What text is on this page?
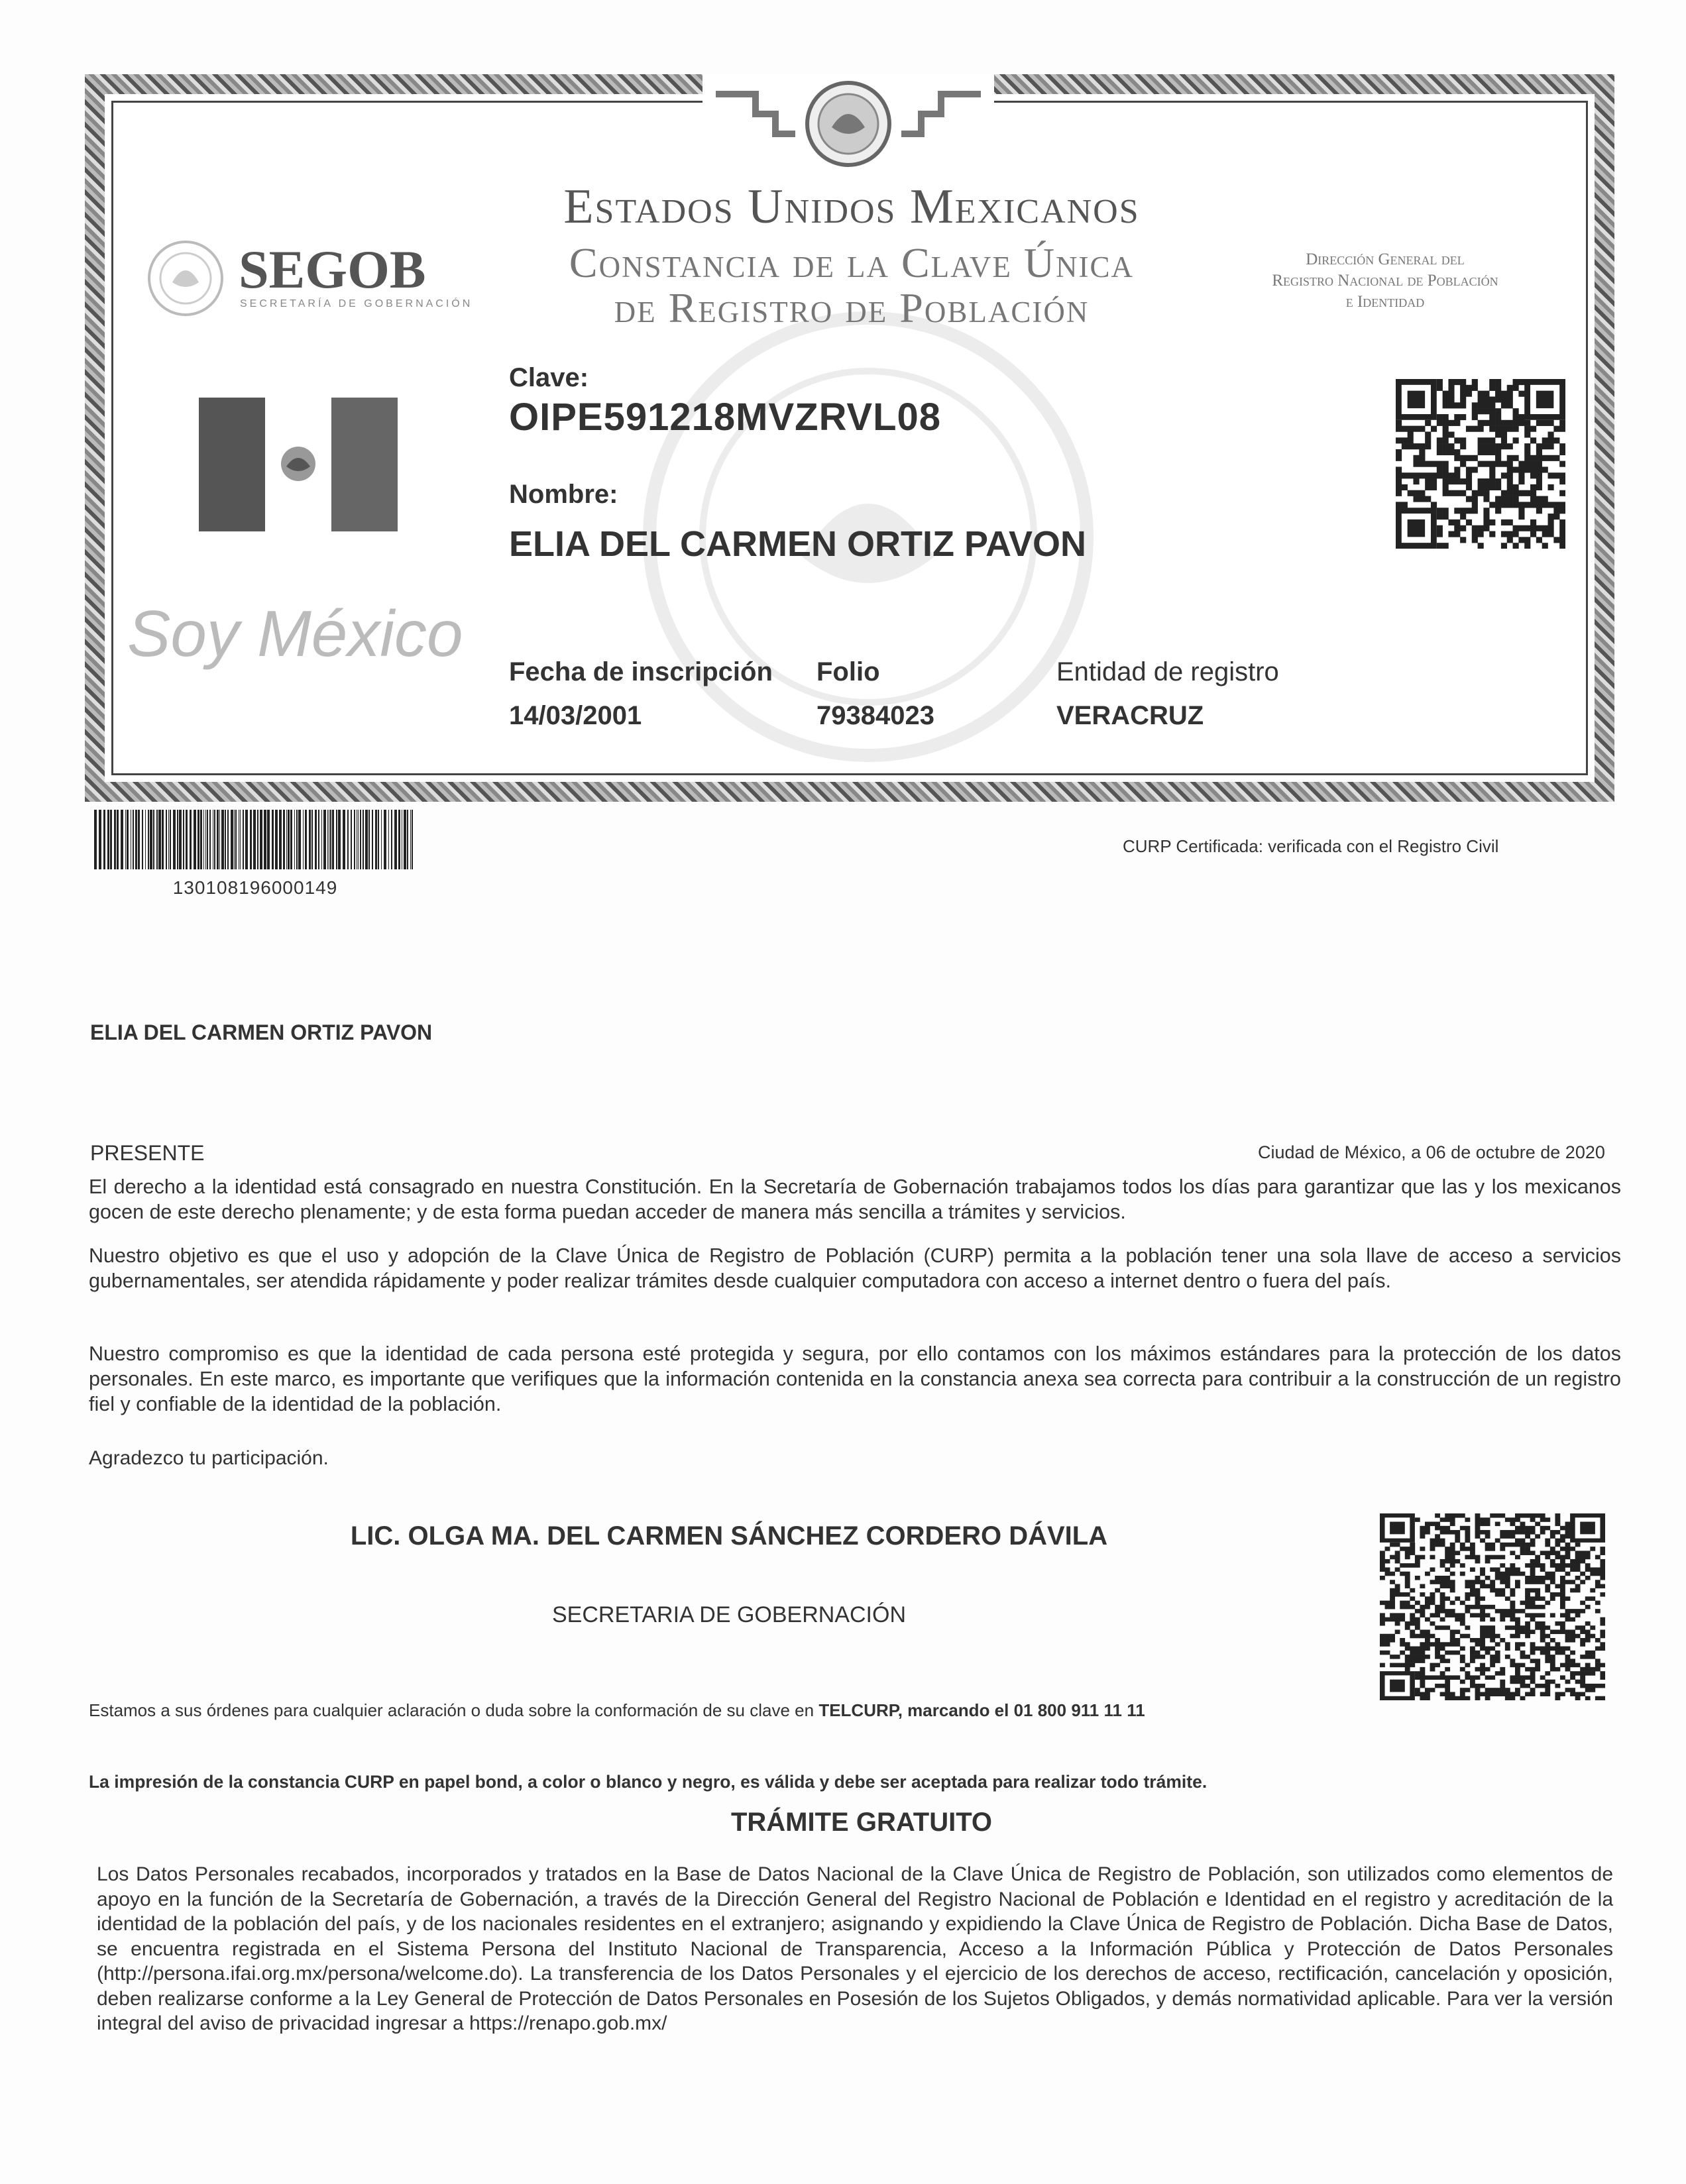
Estados Unidos Mexicanos
Constancia de la Clave Única
de Registro de Población
SEGOB
SECRETARÍA DE GOBERNACIÓN
Dirección General del
Registro Nacional de Población
e Identidad
Soy México
Clave:
OIPE591218MVZRVL08
Nombre:
ELIA DEL CARMEN ORTIZ PAVON
Fecha de inscripción
14/03/2001
Folio
79384023
Entidad de registro
VERACRUZ
130108196000149
CURP Certificada: verificada con el Registro Civil
ELIA DEL CARMEN ORTIZ PAVON
PRESENTE	Ciudad de México, a 06 de octubre de 2020
El derecho a la identidad está consagrado en nuestra Constitución. En la Secretaría de Gobernación trabajamos todos los días para garantizar que las y los mexicanos gocen de este derecho plenamente; y de esta forma puedan acceder de manera más sencilla a trámites y servicios.
Nuestro objetivo es que el uso y adopción de la Clave Única de Registro de Población (CURP) permita a la población tener una sola llave de acceso a servicios gubernamentales, ser atendida rápidamente y poder realizar trámites desde cualquier computadora con acceso a internet dentro o fuera del país.
Nuestro compromiso es que la identidad de cada persona esté protegida y segura, por ello contamos con los máximos estándares para la protección de los datos personales. En este marco, es importante que verifiques que la información contenida en la constancia anexa sea correcta para contribuir a la construcción de un registro fiel y confiable de la identidad de la población.
Agradezco tu participación.
LIC. OLGA MA. DEL CARMEN SÁNCHEZ CORDERO DÁVILA
SECRETARIA DE GOBERNACIÓN
Estamos a sus órdenes para cualquier aclaración o duda sobre la conformación de su clave en TELCURP, marcando el 01 800 911 11 11
La impresión de la constancia CURP en papel bond, a color o blanco y negro, es válida y debe ser aceptada para realizar todo trámite.
TRÁMITE GRATUITO
Los Datos Personales recabados, incorporados y tratados en la Base de Datos Nacional de la Clave Única de Registro de Población, son utilizados como elementos de apoyo en la función de la Secretaría de Gobernación, a través de la Dirección General del Registro Nacional de Población e Identidad en el registro y acreditación de la identidad de la población del país, y de los nacionales residentes en el extranjero; asignando y expidiendo la Clave Única de Registro de Población. Dicha Base de Datos, se encuentra registrada en el Sistema Persona del Instituto Nacional de Transparencia, Acceso a la Información Pública y Protección de Datos Personales (http://persona.ifai.org.mx/persona/welcome.do). La transferencia de los Datos Personales y el ejercicio de los derechos de acceso, rectificación, cancelación y oposición, deben realizarse conforme a la Ley General de Protección de Datos Personales en Posesión de los Sujetos Obligados, y demás normatividad aplicable. Para ver la versión integral del aviso de privacidad ingresar a https://renapo.gob.mx/
